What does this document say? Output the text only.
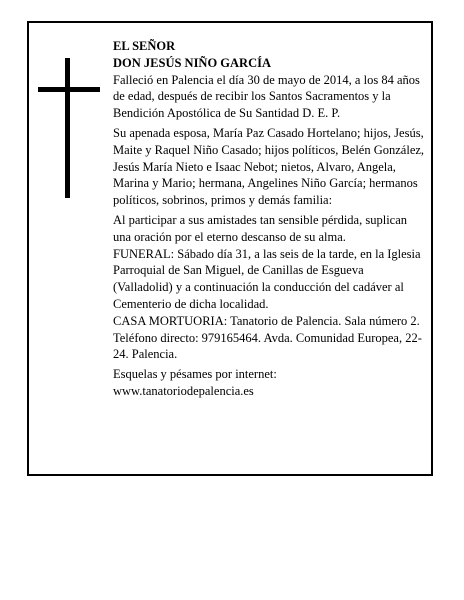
EL SEÑOR

DON JESÚS NIÑO GARCÍA

Falleció en Palencia el día 30 de mayo de 2014, a los 84 años de edad, después de recibir los Santos Sacramentos y la Bendición Apostólica de Su Santidad D. E. P.

Su apenada esposa, María Paz Casado Hortelano; hijos, Jesús, Maite y Raquel Niño Casado; hijos políticos, Belén González, Jesús María Nieto e Isaac Nebot; nietos, Alvaro, Angela, Marina y Mario; hermana, Angelines Niño García; hermanos políticos, sobrinos, primos y demás familia:

Al participar a sus amistades tan sensible pérdida, suplican una oración por el eterno descanso de su alma.

FUNERAL: Sábado día 31, a las seis de la tarde, en la Iglesia Parroquial de San Miguel, de Canillas de Esgueva (Valladolid) y a continuación la conducción del cadáver al Cementerio de dicha localidad.

CASA MORTUORIA: Tanatorio de Palencia. Sala número 2. Teléfono directo: 979165464. Avda. Comunidad Europea, 22-24. Palencia.

Esquelas y pésames por internet:

www.tanatoriodepalencia.es
